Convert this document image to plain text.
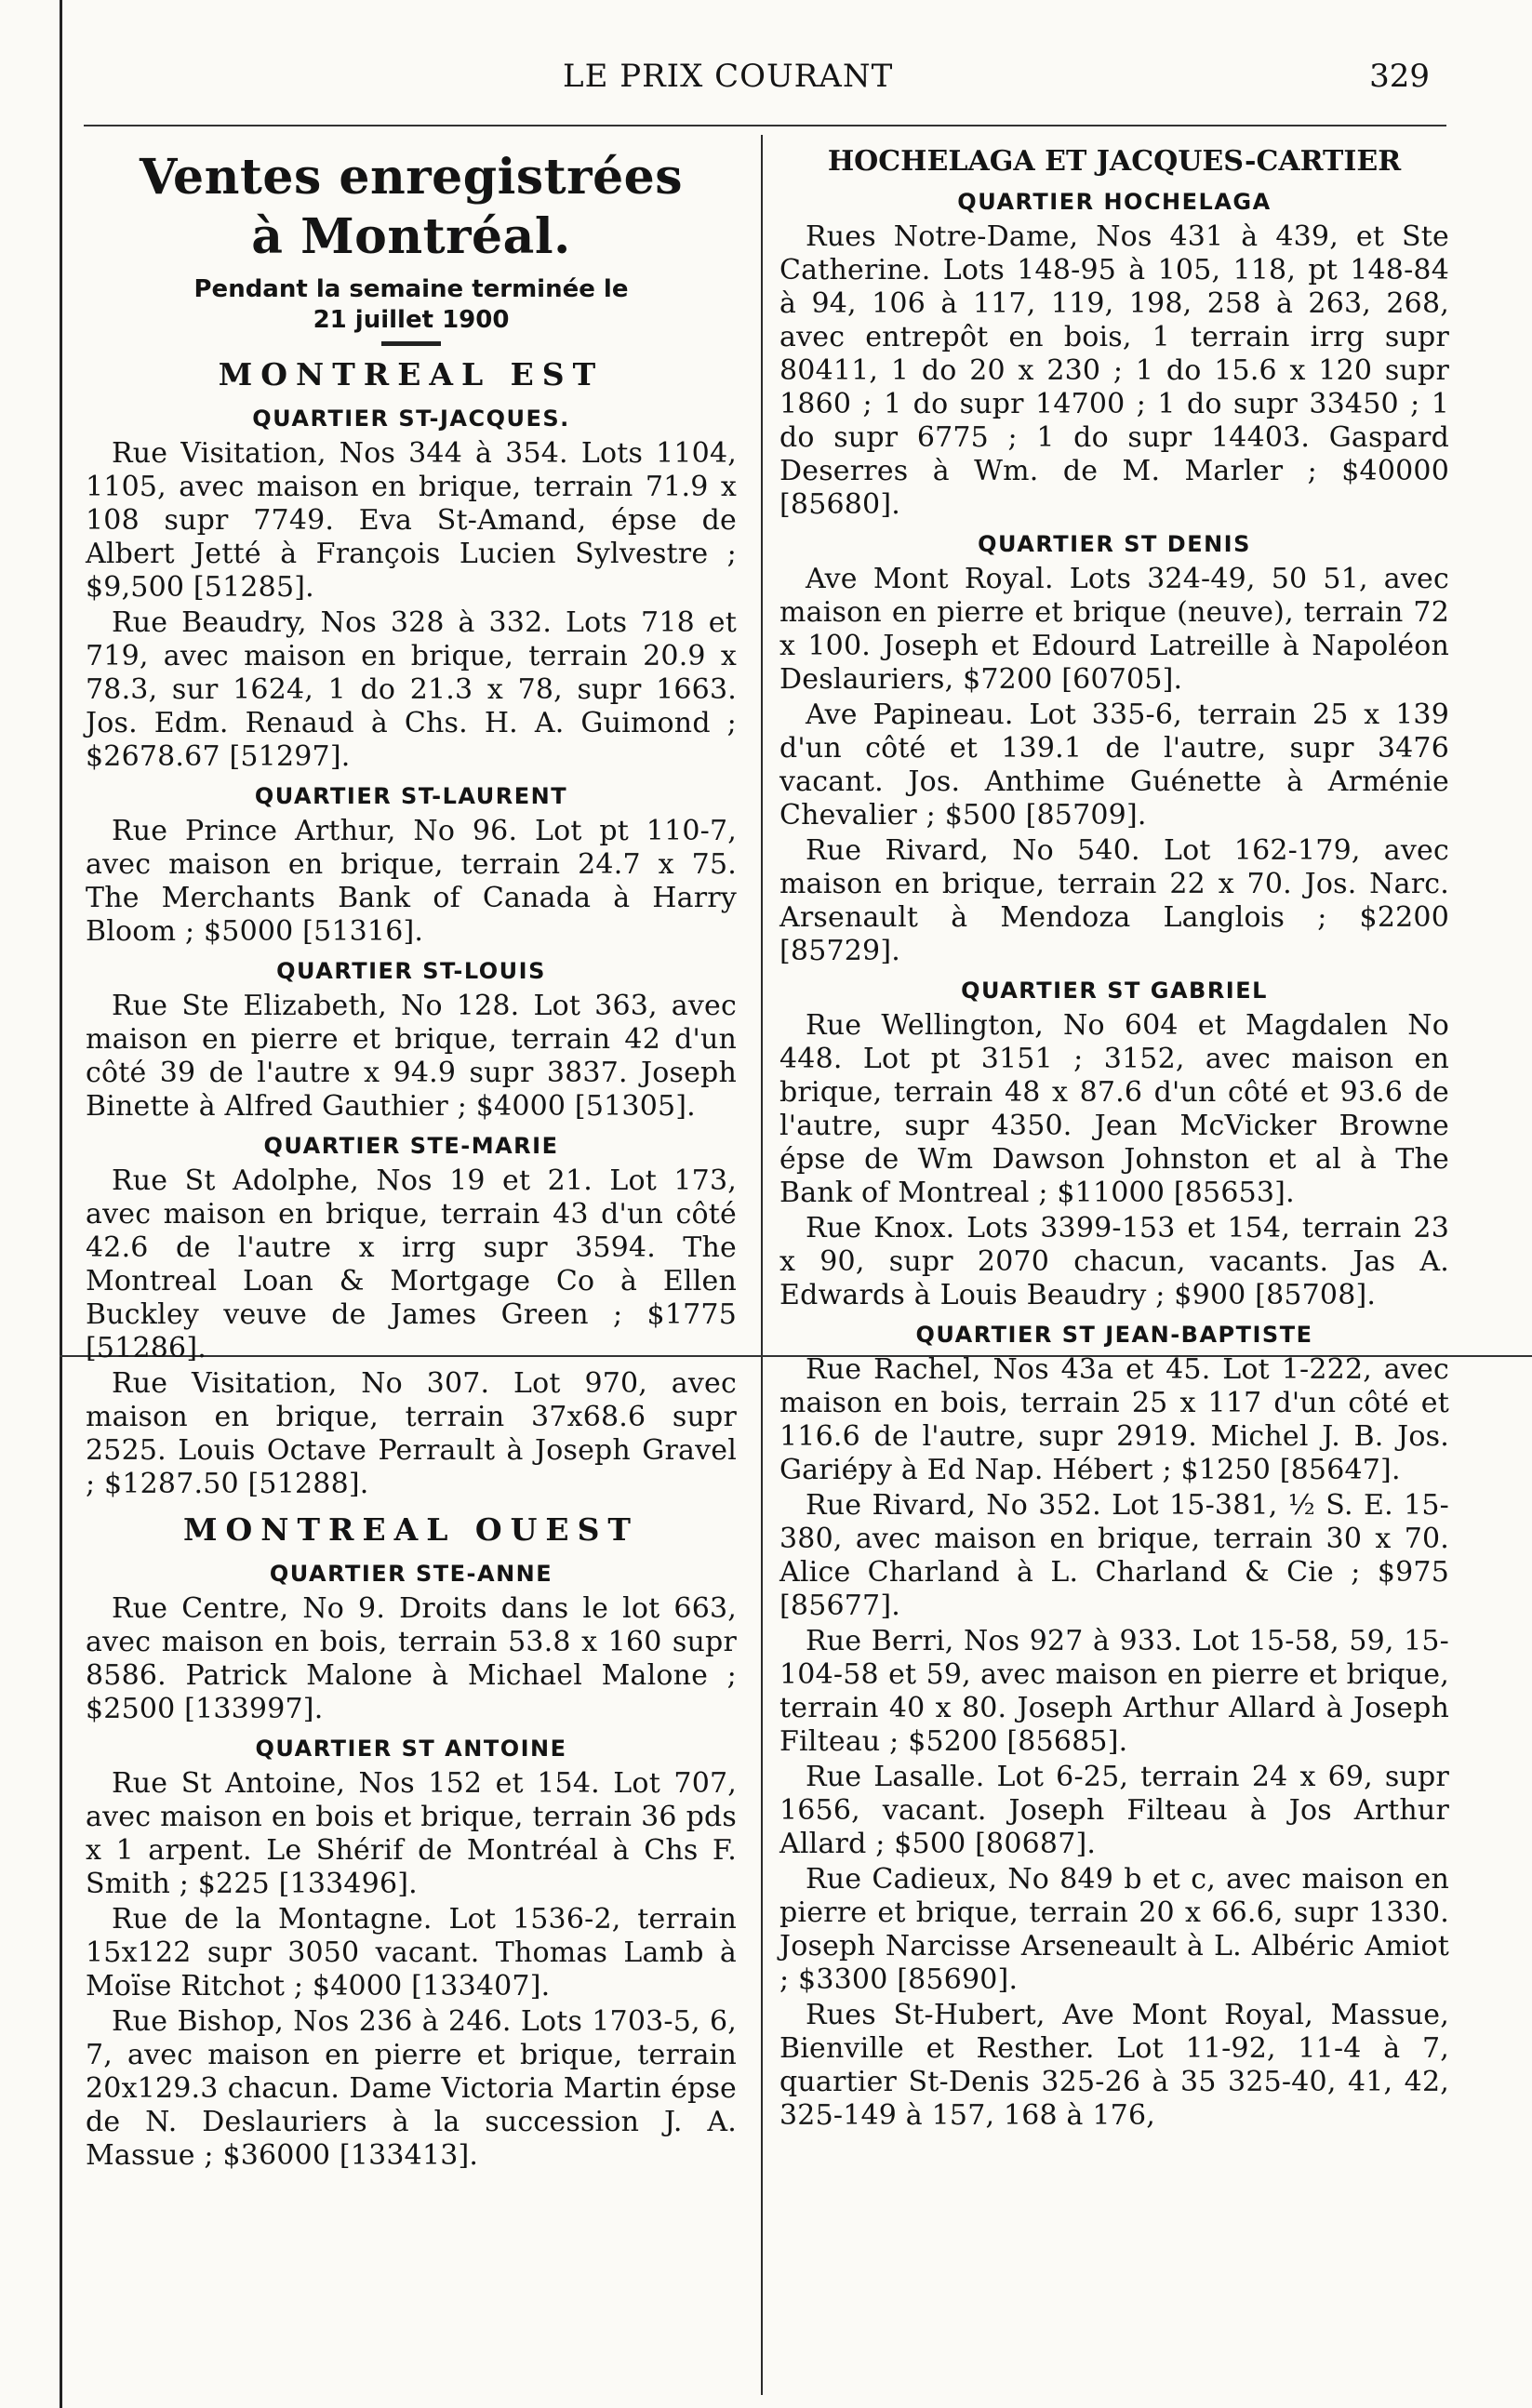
LE PRIX COURANT	329
Ventes enregistrées
à Montréal.
Pendant la semaine terminée le
21 juillet 1900
MONTREAL EST
QUARTIER ST-JACQUES.
Rue Visitation, Nos 344 à 354. Lots 1104, 1105, avec maison en brique, terrain 71.9 x 108 supr 7749. Eva St-Amand, épse de Albert Jetté à François Lucien Sylvestre ; $9,500 [51285].
Rue Beaudry, Nos 328 à 332. Lots 718 et 719, avec maison en brique, terrain 20.9 x 78.3, sur 1624, 1 do 21.3 x 78, supr 1663. Jos. Edm. Renaud à Chs. H. A. Guimond ; $2678.67 [51297].
QUARTIER ST-LAURENT
Rue Prince Arthur, No 96. Lot pt 110-7, avec maison en brique, terrain 24.7 x 75. The Merchants Bank of Canada à Harry Bloom ; $5000 [51316].
QUARTIER ST-LOUIS
Rue Ste Elizabeth, No 128. Lot 363, avec maison en pierre et brique, terrain 42 d'un côté 39 de l'autre x 94.9 supr 3837. Joseph Binette à Alfred Gauthier ; $4000 [51305].
QUARTIER STE-MARIE
Rue St Adolphe, Nos 19 et 21. Lot 173, avec maison en brique, terrain 43 d'un côté 42.6 de l'autre x irrg supr 3594. The Montreal Loan & Mortgage Co à Ellen Buckley veuve de James Green ; $1775 [51286].
Rue Visitation, No 307. Lot 970, avec maison en brique, terrain 37x68.6 supr 2525. Louis Octave Perrault à Joseph Gravel ; $1287.50 [51288].
MONTREAL OUEST
QUARTIER STE-ANNE
Rue Centre, No 9. Droits dans le lot 663, avec maison en bois, terrain 53.8 x 160 supr 8586. Patrick Malone à Michael Malone ; $2500 [133997].
QUARTIER ST ANTOINE
Rue St Antoine, Nos 152 et 154. Lot 707, avec maison en bois et brique, terrain 36 pds x 1 arpent. Le Shérif de Montréal à Chs F. Smith ; $225 [133496].
Rue de la Montagne. Lot 1536-2, terrain 15x122 supr 3050 vacant. Thomas Lamb à Moïse Ritchot ; $4000 [133407].
Rue Bishop, Nos 236 à 246. Lots 1703-5, 6, 7, avec maison en pierre et brique, terrain 20x129.3 chacun. Dame Victoria Martin épse de N. Deslauriers à la succession J. A. Massue ; $36000 [133413].
HOCHELAGA ET JACQUES-CARTIER
QUARTIER HOCHELAGA
Rues Notre-Dame, Nos 431 à 439, et Ste Catherine. Lots 148-95 à 105, 118, pt 148-84 à 94, 106 à 117, 119, 198, 258 à 263, 268, avec entrepôt en bois, 1 terrain irrg supr 80411, 1 do 20 x 230 ; 1 do 15.6 x 120 supr 1860 ; 1 do supr 14700 ; 1 do supr 33450 ; 1 do supr 6775 ; 1 do supr 14403. Gaspard Deserres à Wm. de M. Marler ; $40000 [85680].
QUARTIER ST DENIS
Ave Mont Royal. Lots 324-49, 50 51, avec maison en pierre et brique (neuve), terrain 72 x 100. Joseph et Edourd Latreille à Napoléon Deslauriers, $7200 [60705].
Ave Papineau. Lot 335-6, terrain 25 x 139 d'un côté et 139.1 de l'autre, supr 3476 vacant. Jos. Anthime Guénette à Arménie Chevalier ; $500 [85709].
Rue Rivard, No 540. Lot 162-179, avec maison en brique, terrain 22 x 70. Jos. Narc. Arsenault à Mendoza Langlois ; $2200 [85729].
QUARTIER ST GABRIEL
Rue Wellington, No 604 et Magdalen No 448. Lot pt 3151 ; 3152, avec maison en brique, terrain 48 x 87.6 d'un côté et 93.6 de l'autre, supr 4350. Jean McVicker Browne épse de Wm Dawson Johnston et al à The Bank of Montreal ; $11000 [85653].
Rue Knox. Lots 3399-153 et 154, terrain 23 x 90, supr 2070 chacun, vacants. Jas A. Edwards à Louis Beaudry ; $900 [85708].
QUARTIER ST JEAN-BAPTISTE
Rue Rachel, Nos 43a et 45. Lot 1-222, avec maison en bois, terrain 25 x 117 d'un côté et 116.6 de l'autre, supr 2919. Michel J. B. Jos. Gariépy à Ed Nap. Hébert ; $1250 [85647].
Rue Rivard, No 352. Lot 15-381, ½ S. E. 15-380, avec maison en brique, terrain 30 x 70. Alice Charland à L. Charland & Cie ; $975 [85677].
Rue Berri, Nos 927 à 933. Lot 15-58, 59, 15-104-58 et 59, avec maison en pierre et brique, terrain 40 x 80. Joseph Arthur Allard à Joseph Filteau ; $5200 [85685].
Rue Lasalle. Lot 6-25, terrain 24 x 69, supr 1656, vacant. Joseph Filteau à Jos Arthur Allard ; $500 [80687].
Rue Cadieux, No 849 b et c, avec maison en pierre et brique, terrain 20 x 66.6, supr 1330. Joseph Narcisse Arseneault à L. Albéric Amiot ; $3300 [85690].
Rues St-Hubert, Ave Mont Royal, Massue, Bienville et Resther. Lot 11-92, 11-4 à 7, quartier St-Denis 325-26 à 35 325-40, 41, 42, 325-149 à 157, 168 à 176,
